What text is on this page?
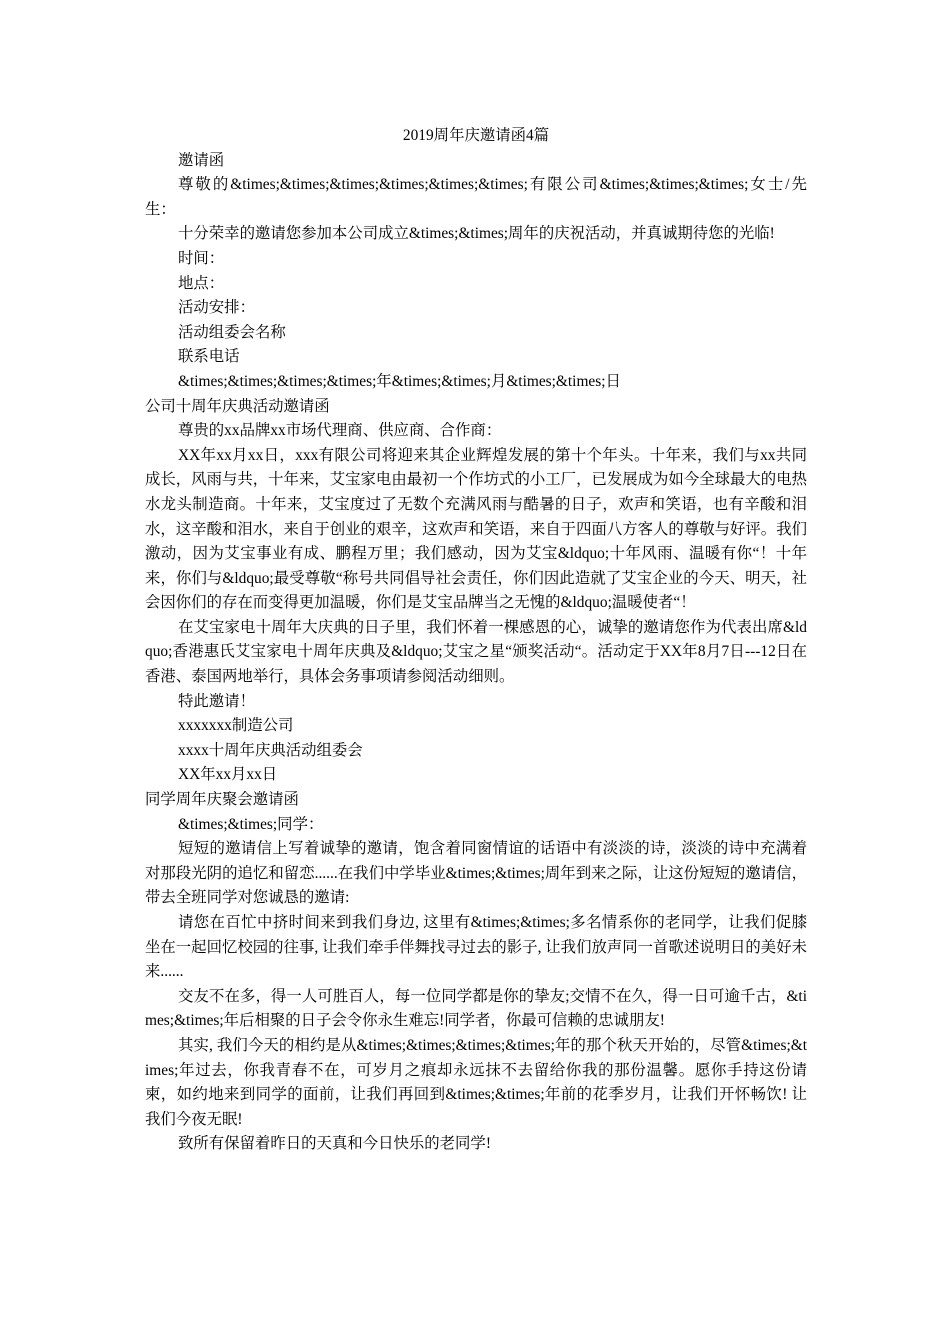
2019周年庆邀请函4篇

邀请函

尊敬的&times;&times;&times;&times;&times;&times;有限公司&times;&times;&times;女士/先生：

十分荣幸的邀请您参加本公司成立&times;&times;周年的庆祝活动，并真诚期待您的光临!

时间：

地点：

活动安排：

活动组委会名称

联系电话

&times;&times;&times;&times;年&times;&times;月&times;&times;日

公司十周年庆典活动邀请函

尊贵的xx品牌xx市场代理商、供应商、合作商：

XX年xx月xx日，xxx有限公司将迎来其企业辉煌发展的第十个年头。十年来，我们与xx共同成长，风雨与共，十年来，艾宝家电由最初一个作坊式的小工厂，已发展成为如今全球最大的电热水龙头制造商。十年来，艾宝度过了无数个充满风雨与酷暑的日子，欢声和笑语，也有辛酸和泪水，这辛酸和泪水，来自于创业的艰辛，这欢声和笑语，来自于四面八方客人的尊敬与好评。我们激动，因为艾宝事业有成、鹏程万里；我们感动，因为艾宝&ldquo;十年风雨、温暖有你“！十年来，你们与&ldquo;最受尊敬“称号共同倡导社会责任，你们因此造就了艾宝企业的今天、明天，社会因你们的存在而变得更加温暖，你们是艾宝品牌当之无愧的&ldquo;温暖使者“！

在艾宝家电十周年大庆典的日子里，我们怀着一棵感恩的心，诚挚的邀请您作为代表出席&ldquo;香港惠氏艾宝家电十周年庆典及&ldquo;艾宝之星“颁奖活动“。活动定于XX年8月7日---12日在香港、泰国两地举行，具体会务事项请参阅活动细则。

特此邀请！

xxxxxxx制造公司

xxxx十周年庆典活动组委会

XX年xx月xx日

同学周年庆聚会邀请函

&times;&times;同学：

短短的邀请信上写着诚挚的邀请，饱含着同窗情谊的话语中有淡淡的诗，淡淡的诗中充满着对那段光阴的追忆和留恋......在我们中学毕业&times;&times;周年到来之际，让这份短短的邀请信，带去全班同学对您诚恳的邀请:

请您在百忙中挤时间来到我们身边, 这里有&times;&times;多名情系你的老同学，让我们促膝坐在一起回忆校园的往事, 让我们牵手伴舞找寻过去的影子, 让我们放声同一首歌述说明日的美好未来......

交友不在多，得一人可胜百人，每一位同学都是你的挚友;交情不在久，得一日可逾千古，&times;&times;年后相聚的日子会令你永生难忘!同学者，你最可信赖的忠诚朋友!

其实, 我们今天的相约是从&times;&times;&times;&times;年的那个秋天开始的，尽管&times;&times;年过去，你我青春不在，可岁月之痕却永远抹不去留给你我的那份温馨。愿你手持这份请柬，如约地来到同学的面前，让我们再回到&times;&times;年前的花季岁月，让我们开怀畅饮! 让我们今夜无眠!

致所有保留着昨日的天真和今日快乐的老同学!
